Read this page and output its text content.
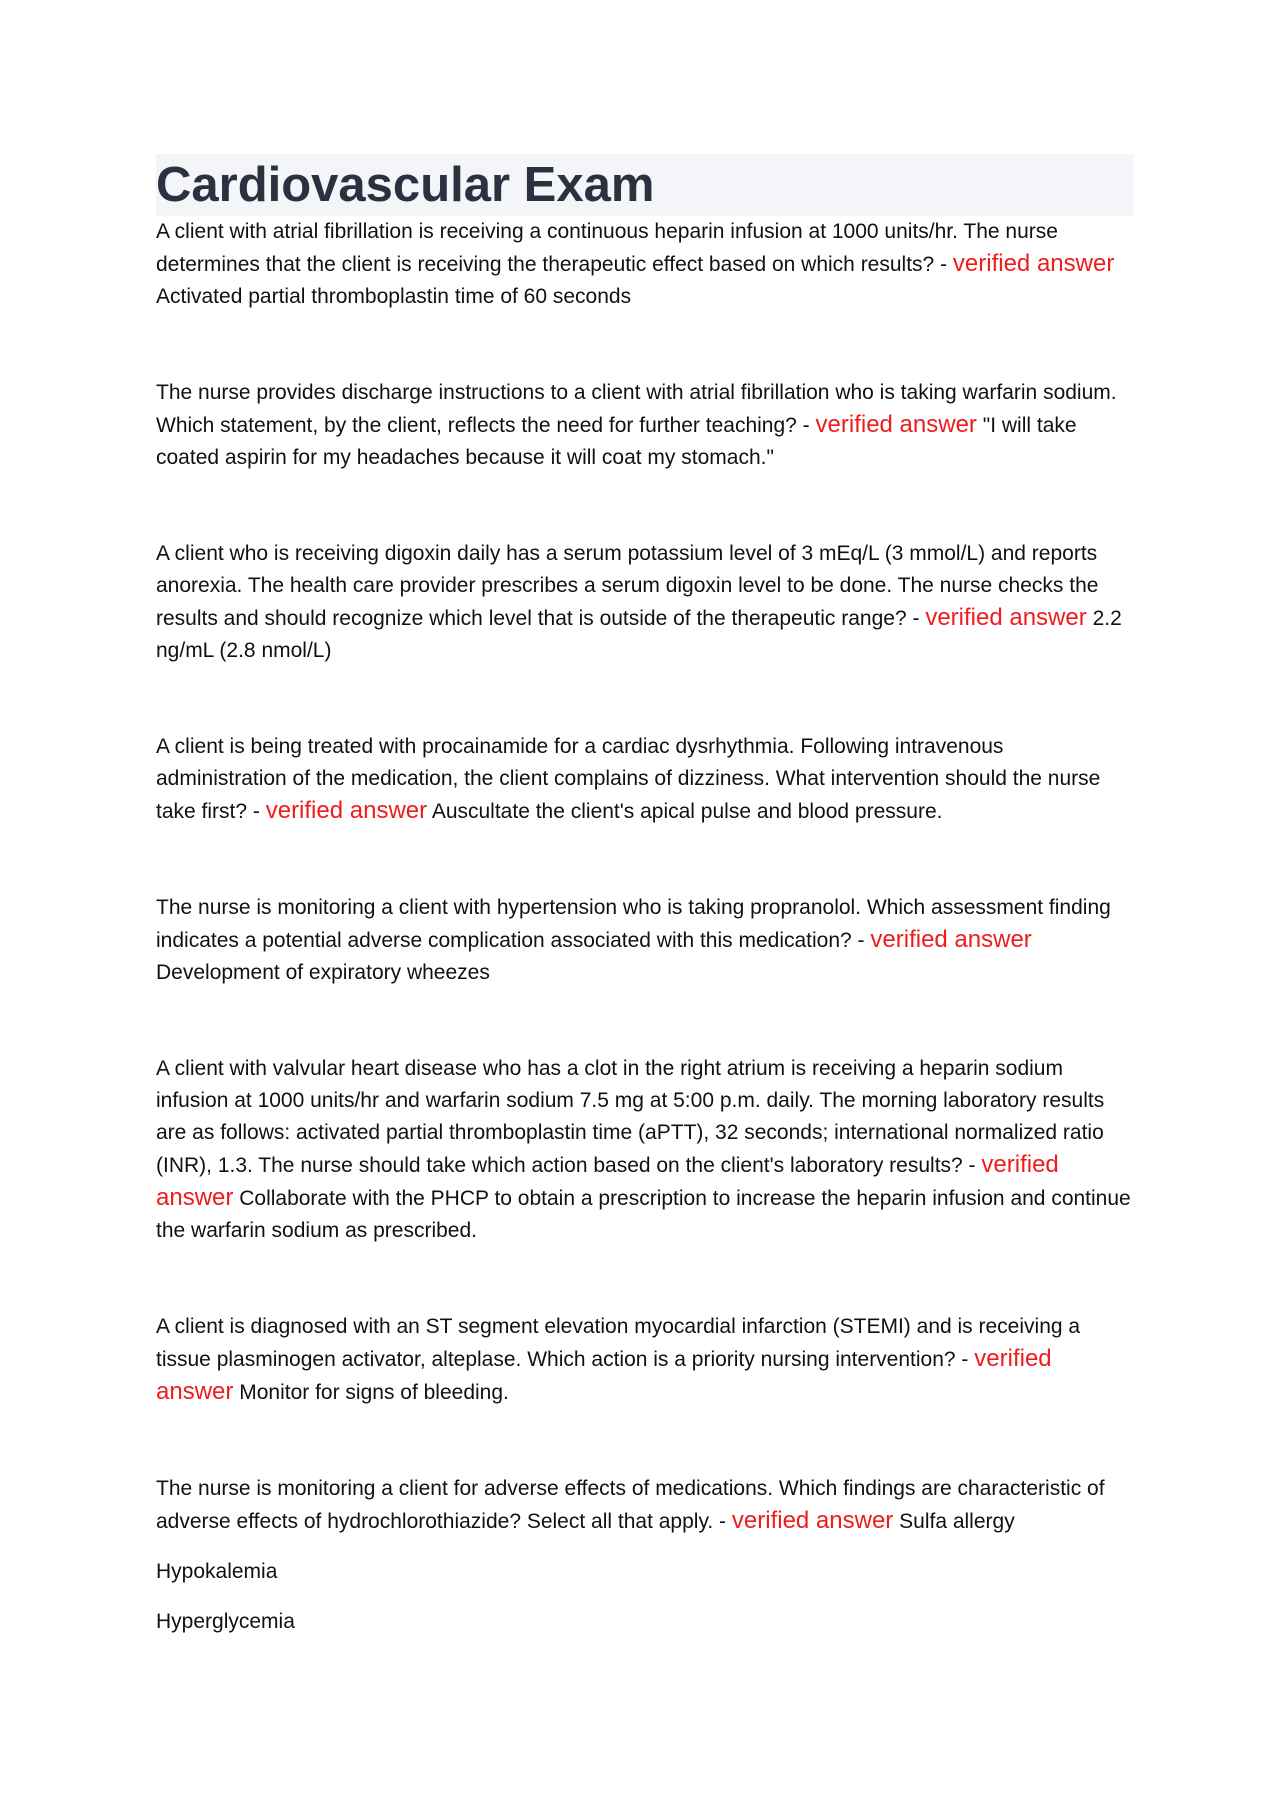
Cardiovascular Exam

A client with atrial fibrillation is receiving a continuous heparin infusion at 1000 units/hr. The nurse determines that the client is receiving the therapeutic effect based on which results? - verified answer Activated partial thromboplastin time of 60 seconds

The nurse provides discharge instructions to a client with atrial fibrillation who is taking warfarin sodium. Which statement, by the client, reflects the need for further teaching? - verified answer "I will take coated aspirin for my headaches because it will coat my stomach."

A client who is receiving digoxin daily has a serum potassium level of 3 mEq/L (3 mmol/L) and reports anorexia. The health care provider prescribes a serum digoxin level to be done. The nurse checks the results and should recognize which level that is outside of the therapeutic range? - verified answer 2.2 ng/mL (2.8 nmol/L)

A client is being treated with procainamide for a cardiac dysrhythmia. Following intravenous administration of the medication, the client complains of dizziness. What intervention should the nurse take first? - verified answer Auscultate the client's apical pulse and blood pressure.

The nurse is monitoring a client with hypertension who is taking propranolol. Which assessment finding indicates a potential adverse complication associated with this medication? - verified answer Development of expiratory wheezes

A client with valvular heart disease who has a clot in the right atrium is receiving a heparin sodium infusion at 1000 units/hr and warfarin sodium 7.5 mg at 5:00 p.m. daily. The morning laboratory results are as follows: activated partial thromboplastin time (aPTT), 32 seconds; international normalized ratio (INR), 1.3. The nurse should take which action based on the client's laboratory results? - verified answer Collaborate with the PHCP to obtain a prescription to increase the heparin infusion and continue the warfarin sodium as prescribed.

A client is diagnosed with an ST segment elevation myocardial infarction (STEMI) and is receiving a tissue plasminogen activator, alteplase. Which action is a priority nursing intervention? - verified answer Monitor for signs of bleeding.

The nurse is monitoring a client for adverse effects of medications. Which findings are characteristic of adverse effects of hydrochlorothiazide? Select all that apply. - verified answer Sulfa allergy

Hypokalemia

Hyperglycemia
